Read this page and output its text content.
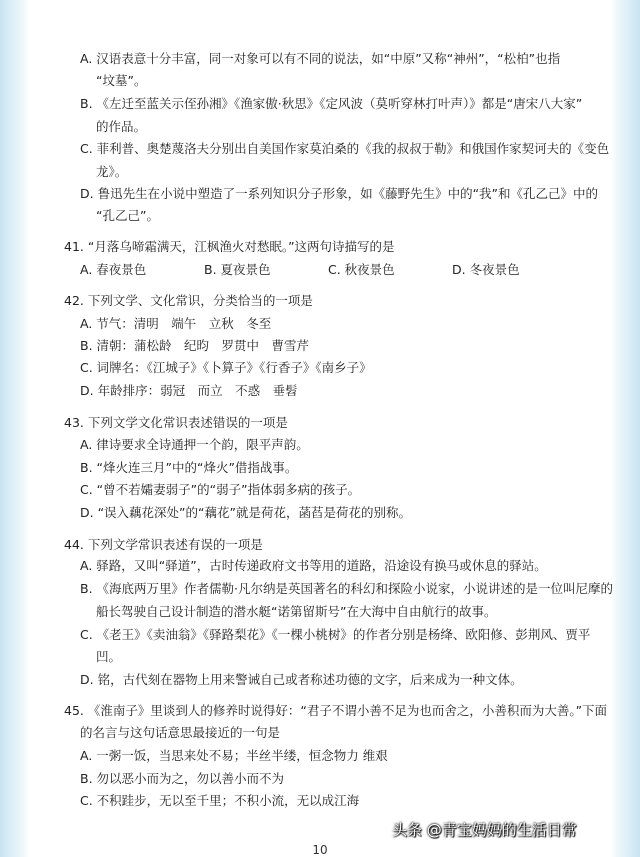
A. 汉语表意十分丰富，同一对象可以有不同的说法，如“中原”又称“神州”，“松柏”也指
“坟墓”。
B. 《左迁至蓝关示侄孙湘》《渔家傲·秋思》《定风波（莫听穿林打叶声）》都是“唐宋八大家”
的作品。
C. 菲利普、奥楚蔑洛夫分别出自美国作家莫泊桑的《我的叔叔于勒》和俄国作家契诃夫的《变色
龙》。
D. 鲁迅先生在小说中塑造了一系列知识分子形象，如《藤野先生》中的“我”和《孔乙己》中的
“孔乙己”。
41. “月落乌啼霜满天，江枫渔火对愁眠。”这两句诗描写的是
A. 春夜景色	B. 夏夜景色	C. 秋夜景色	D. 冬夜景色
42. 下列文学、文化常识，分类恰当的一项是
A. 节气：清明　端午　立秋　冬至
B. 清朝：蒲松龄　纪昀　罗贯中　曹雪芹
C. 词牌名：《江城子》《卜算子》《行香子》《南乡子》
D. 年龄排序：弱冠　而立　不惑　垂髫
43. 下列文学文化常识表述错误的一项是
A. 律诗要求全诗通押一个韵，限平声韵。
B. “烽火连三月”中的“烽火”借指战事。
C. “曾不若孀妻弱子”的“弱子”指体弱多病的孩子。
D. “误入藕花深处”的“藕花”就是荷花，菡萏是荷花的别称。
44. 下列文学常识表述有误的一项是
A. 驿路，又叫“驿道”，古时传递政府文书等用的道路，沿途设有换马或休息的驿站。
B. 《海底两万里》作者儒勒·凡尔纳是英国著名的科幻和探险小说家，小说讲述的是一位叫尼摩的
船长驾驶自己设计制造的潜水艇“诺第留斯号”在大海中自由航行的故事。
C. 《老王》《卖油翁》《驿路梨花》《一棵小桃树》的作者分别是杨绛、欧阳修、彭荆风、贾平
凹。
D. 铭，古代刻在器物上用来警诫自己或者称述功德的文字，后来成为一种文体。
45. 《淮南子》里谈到人的修养时说得好：“君子不谓小善不足为也而舍之，小善积而为大善。”下面
的名言与这句话意思最接近的一句是
A. 一粥一饭，当思来处不易；半丝半缕，恒念物力 维艰
B. 勿以恶小而为之，勿以善小而不为
C. 不积跬步，无以至千里；不积小流，无以成江海
头条 @青宝妈妈的生活日常
10
